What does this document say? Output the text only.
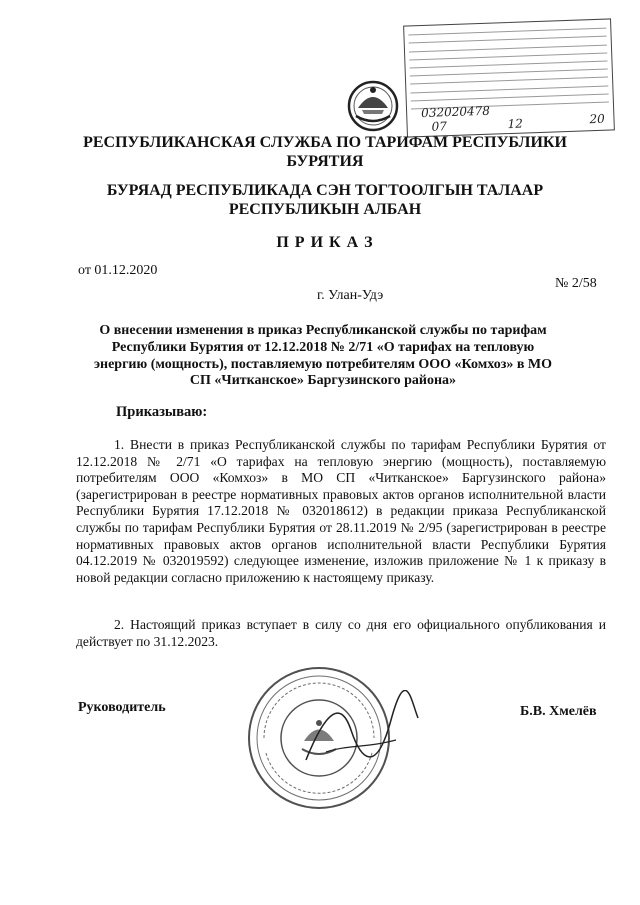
032020478
07	12	20
РЕСПУБЛИКАНСКАЯ СЛУЖБА ПО ТАРИФАМ РЕСПУБЛИКИ БУРЯТИЯ
БУРЯАД РЕСПУБЛИКАДА СЭН ТОГТООЛГЫН ТАЛААР РЕСПУБЛИКЫН АЛБАН
П Р И К А З
от 01.12.2020
№ 2/58
г. Улан-Удэ
О внесении изменения в приказ Республиканской службы по тарифам Республики Бурятия от 12.12.2018 № 2/71 «О тарифах на тепловую энергию (мощность), поставляемую потребителям ООО «Комхоз» в МО СП «Читканское» Баргузинского района»
Приказываю:
1. Внести в приказ Республиканской службы по тарифам Республики Бурятия от 12.12.2018 № 2/71 «О тарифах на тепловую энергию (мощность), поставляемую потребителям ООО «Комхоз» в МО СП «Читканское» Баргузинского района» (зарегистрирован в реестре нормативных правовых актов органов исполнительной власти Республики Бурятия 17.12.2018 № 032018612) в редакции приказа Республиканской службы по тарифам Республики Бурятия от 28.11.2019 № 2/95 (зарегистрирован в реестре нормативных правовых актов органов исполнительной власти Республики Бурятия 04.12.2019 № 032019592) следующее изменение, изложив приложение № 1 к приказу в новой редакции согласно приложению к настоящему приказу.
2. Настоящий приказ вступает в силу со дня его официального опубликования и действует по 31.12.2023.
Руководитель	Б.В. Хмелёв
